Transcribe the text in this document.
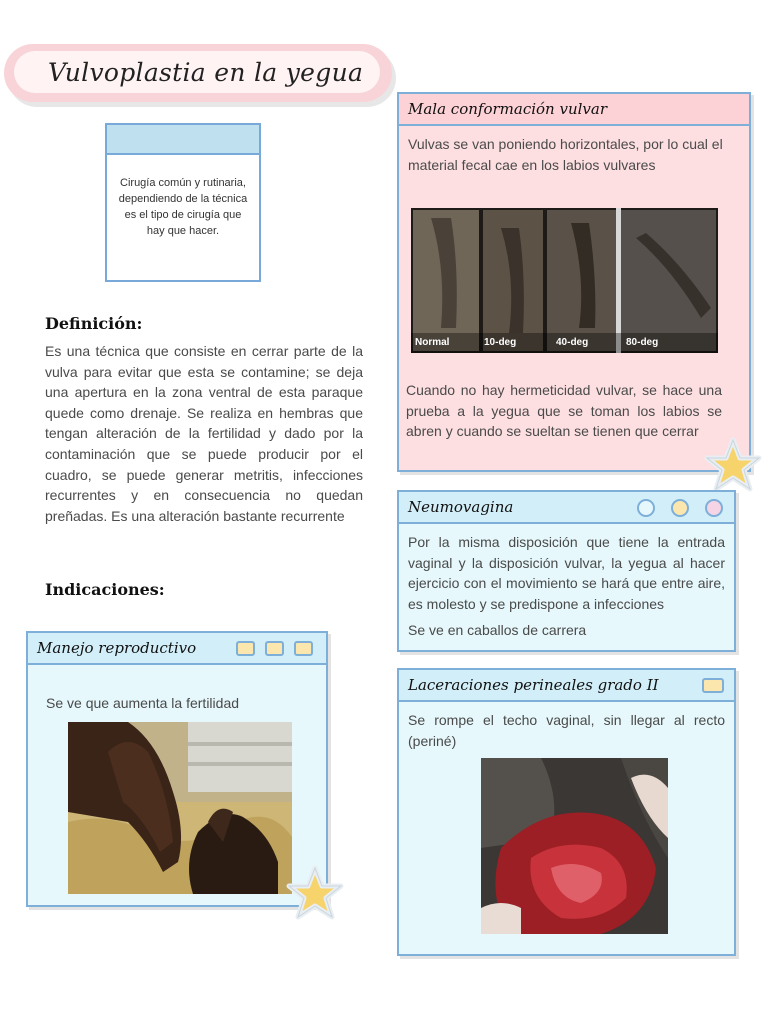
Vulvoplastia en la yegua
Cirugía común y rutinaria, dependiendo de la técnica es el tipo de cirugía que hay que hacer.
Definición:
Es una técnica que consiste en cerrar parte de la vulva para evitar que esta se contamine; se deja una apertura en la zona ventral de esta paraque quede como drenaje. Se realiza en hembras que tengan alteración de la fertilidad y dado por la contaminación que se puede producir por el cuadro, se puede generar metritis, infecciones recurrentes y en consecuencia no quedan preñadas. Es una alteración bastante recurrente
Indicaciones:
Manejo reproductivo
Se ve que aumenta la fertilidad
Mala conformación vulvar
Vulvas se van poniendo horizontales, por lo cual el material fecal cae en los labios vulvares
Normal	10-deg	40-deg	80-deg
Cuando no hay hermeticidad vulvar, se hace una prueba a la yegua que se toman los labios se abren y cuando se sueltan se tienen que cerrar
Neumovagina
Por la misma disposición que tiene la entrada vaginal y la disposición vulvar, la yegua al hacer ejercicio con el movimiento se hará que entre aire, es molesto y se predispone a infecciones
Se ve en caballos de carrera
Laceraciones perineales grado II
Se rompe el techo vaginal, sin llegar al recto (periné)
